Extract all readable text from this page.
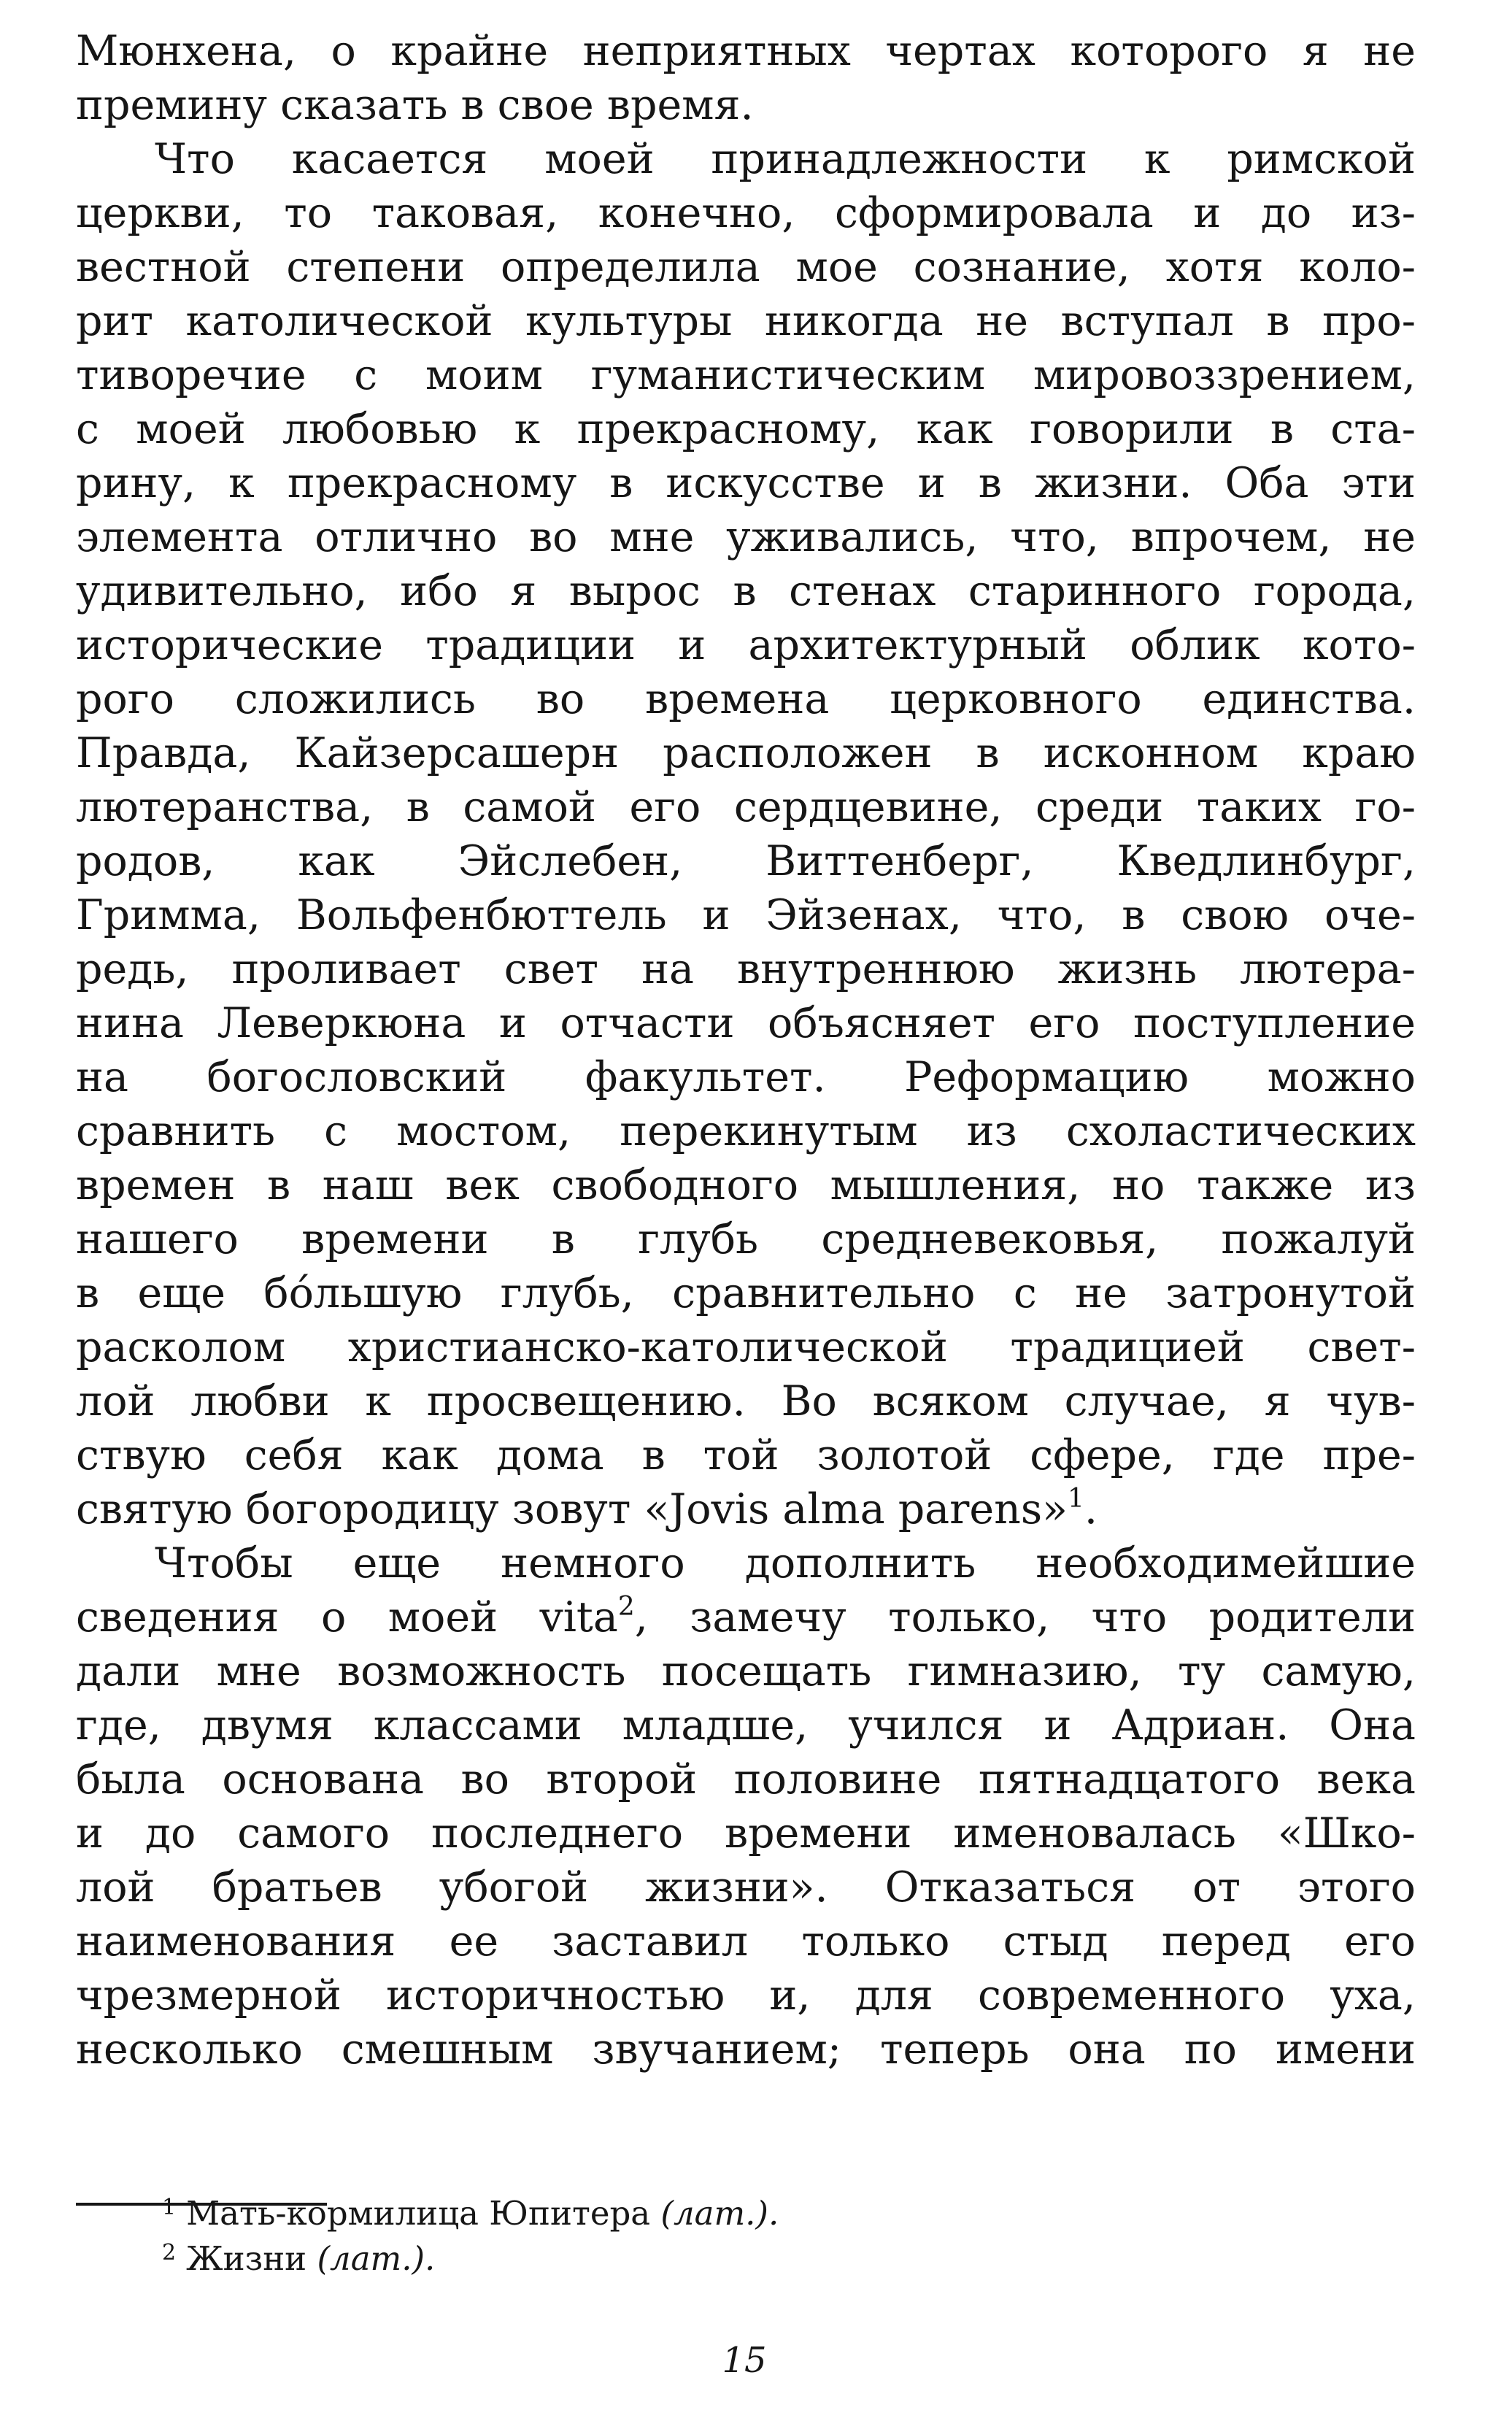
Мюнхена, о крайне неприятных чертах которого я не
премину сказать в свое время.
Что касается моей принадлежности к римской
церкви, то таковая, конечно, сформировала и до из-
вестной степени определила мое сознание, хотя коло-
рит католической культуры никогда не вступал в про-
тиворечие с моим гуманистическим мировоззрением,
с моей любовью к прекрасному, как говорили в ста-
рину, к прекрасному в искусстве и в жизни. Оба эти
элемента отлично во мне уживались, что, впрочем, не
удивительно, ибо я вырос в стенах старинного города,
исторические традиции и архитектурный облик кото-
рого сложились во времена церковного единства.
Правда, Кайзерсашерн расположен в исконном краю
лютеранства, в самой его сердцевине, среди таких го-
родов, как Эйслебен, Виттенберг, Кведлинбург,
Гримма, Вольфенбюттель и Эйзенах, что, в свою оче-
редь, проливает свет на внутреннюю жизнь лютера-
нина Леверкюна и отчасти объясняет его поступление
на богословский факультет. Реформацию можно
сравнить с мостом, перекинутым из схоластических
времен в наш век свободного мышления, но также из
нашего времени в глубь средневековья, пожалуй
в еще бóльшую глубь, сравнительно с не затронутой
расколом христианско-католической традицией свет-
лой любви к просвещению. Во всяком случае, я чув-
ствую себя как дома в той золотой сфере, где пре-
святую богородицу зовут «Jovis alma parens»$^1$.
Чтобы еще немного дополнить необходимейшие
сведения о моей vita$^2$, замечу только, что родители
дали мне возможность посещать гимназию, ту самую,
где, двумя классами младше, учился и Адриан. Она
была основана во второй половине пятнадцатого века
и до самого последнего времени именовалась «Шко-
лой братьев убогой жизни». Отказаться от этого
наименования ее заставил только стыд перед его
чрезмерной историчностью и, для современного уха,
несколько смешным звучанием; теперь она по имени
$^1$ Мать-кормилица Юпитера (лат.).
$^2$ Жизни (лат.).
15
